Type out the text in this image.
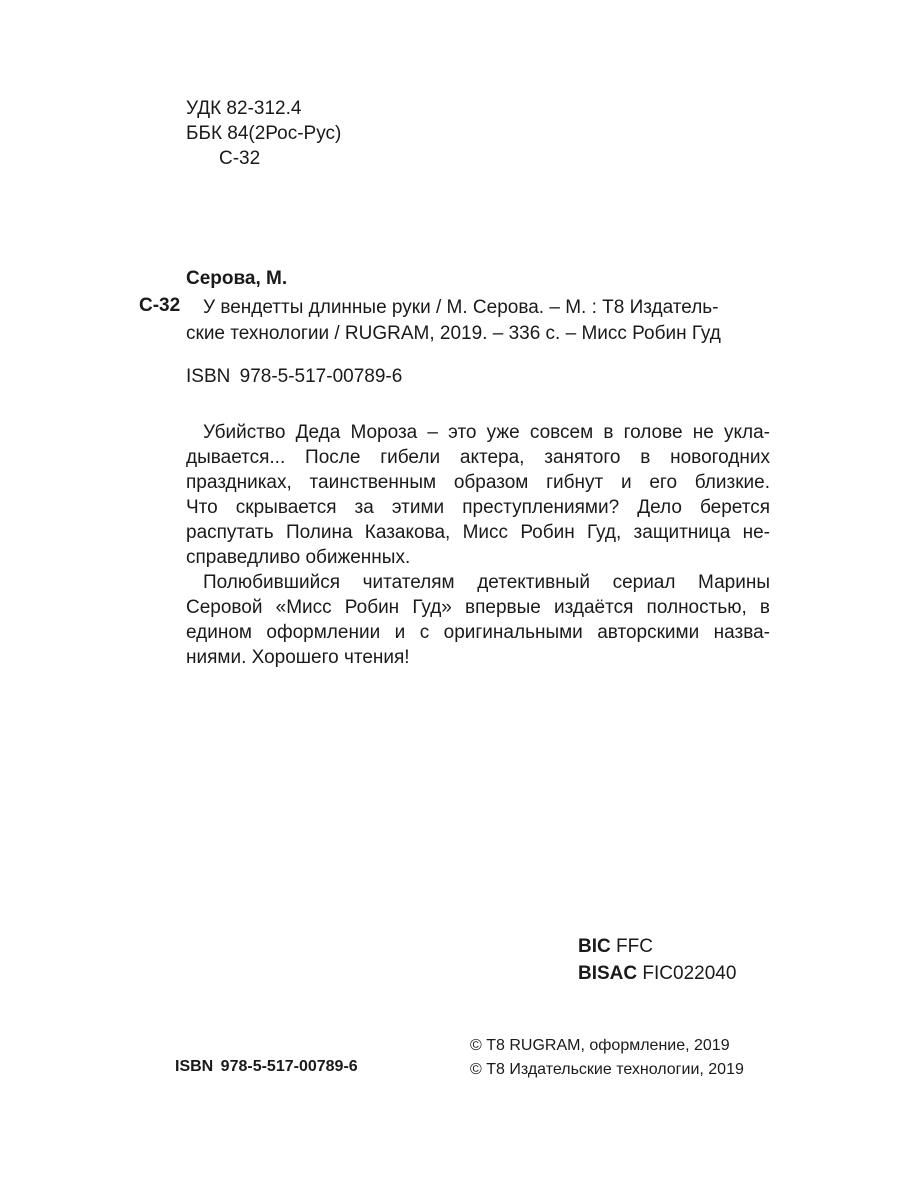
УДК 82-312.4
ББК 84(2Рос-Рус)
С-32
Серова, М.
С-32 У вендетты длинные руки / М. Серова. – М. : Т8 Издатель-
ские технологии / RUGRAM, 2019. – 336 с. – Мисс Робин Гуд
ISBN 978-5-517-00789-6
Убийство Деда Мороза – это уже совсем в голове не укла-
дывается... После гибели актера, занятого в новогодних
праздниках, таинственным образом гибнут и его близкие.
Что скрывается за этими преступлениями? Дело берется
распутать Полина Казакова, Мисс Робин Гуд, защитница не-
справедливо обиженных.
Полюбившийся читателям детективный сериал Марины
Серовой «Мисс Робин Гуд» впервые издаётся полностью, в
едином оформлении и с оригинальными авторскими назва-
ниями. Хорошего чтения!
BIC FFC
BISAC FIC022040
ISBN 978-5-517-00789-6
© Т8 RUGRAM, оформление, 2019
© Т8 Издательские технологии, 2019
